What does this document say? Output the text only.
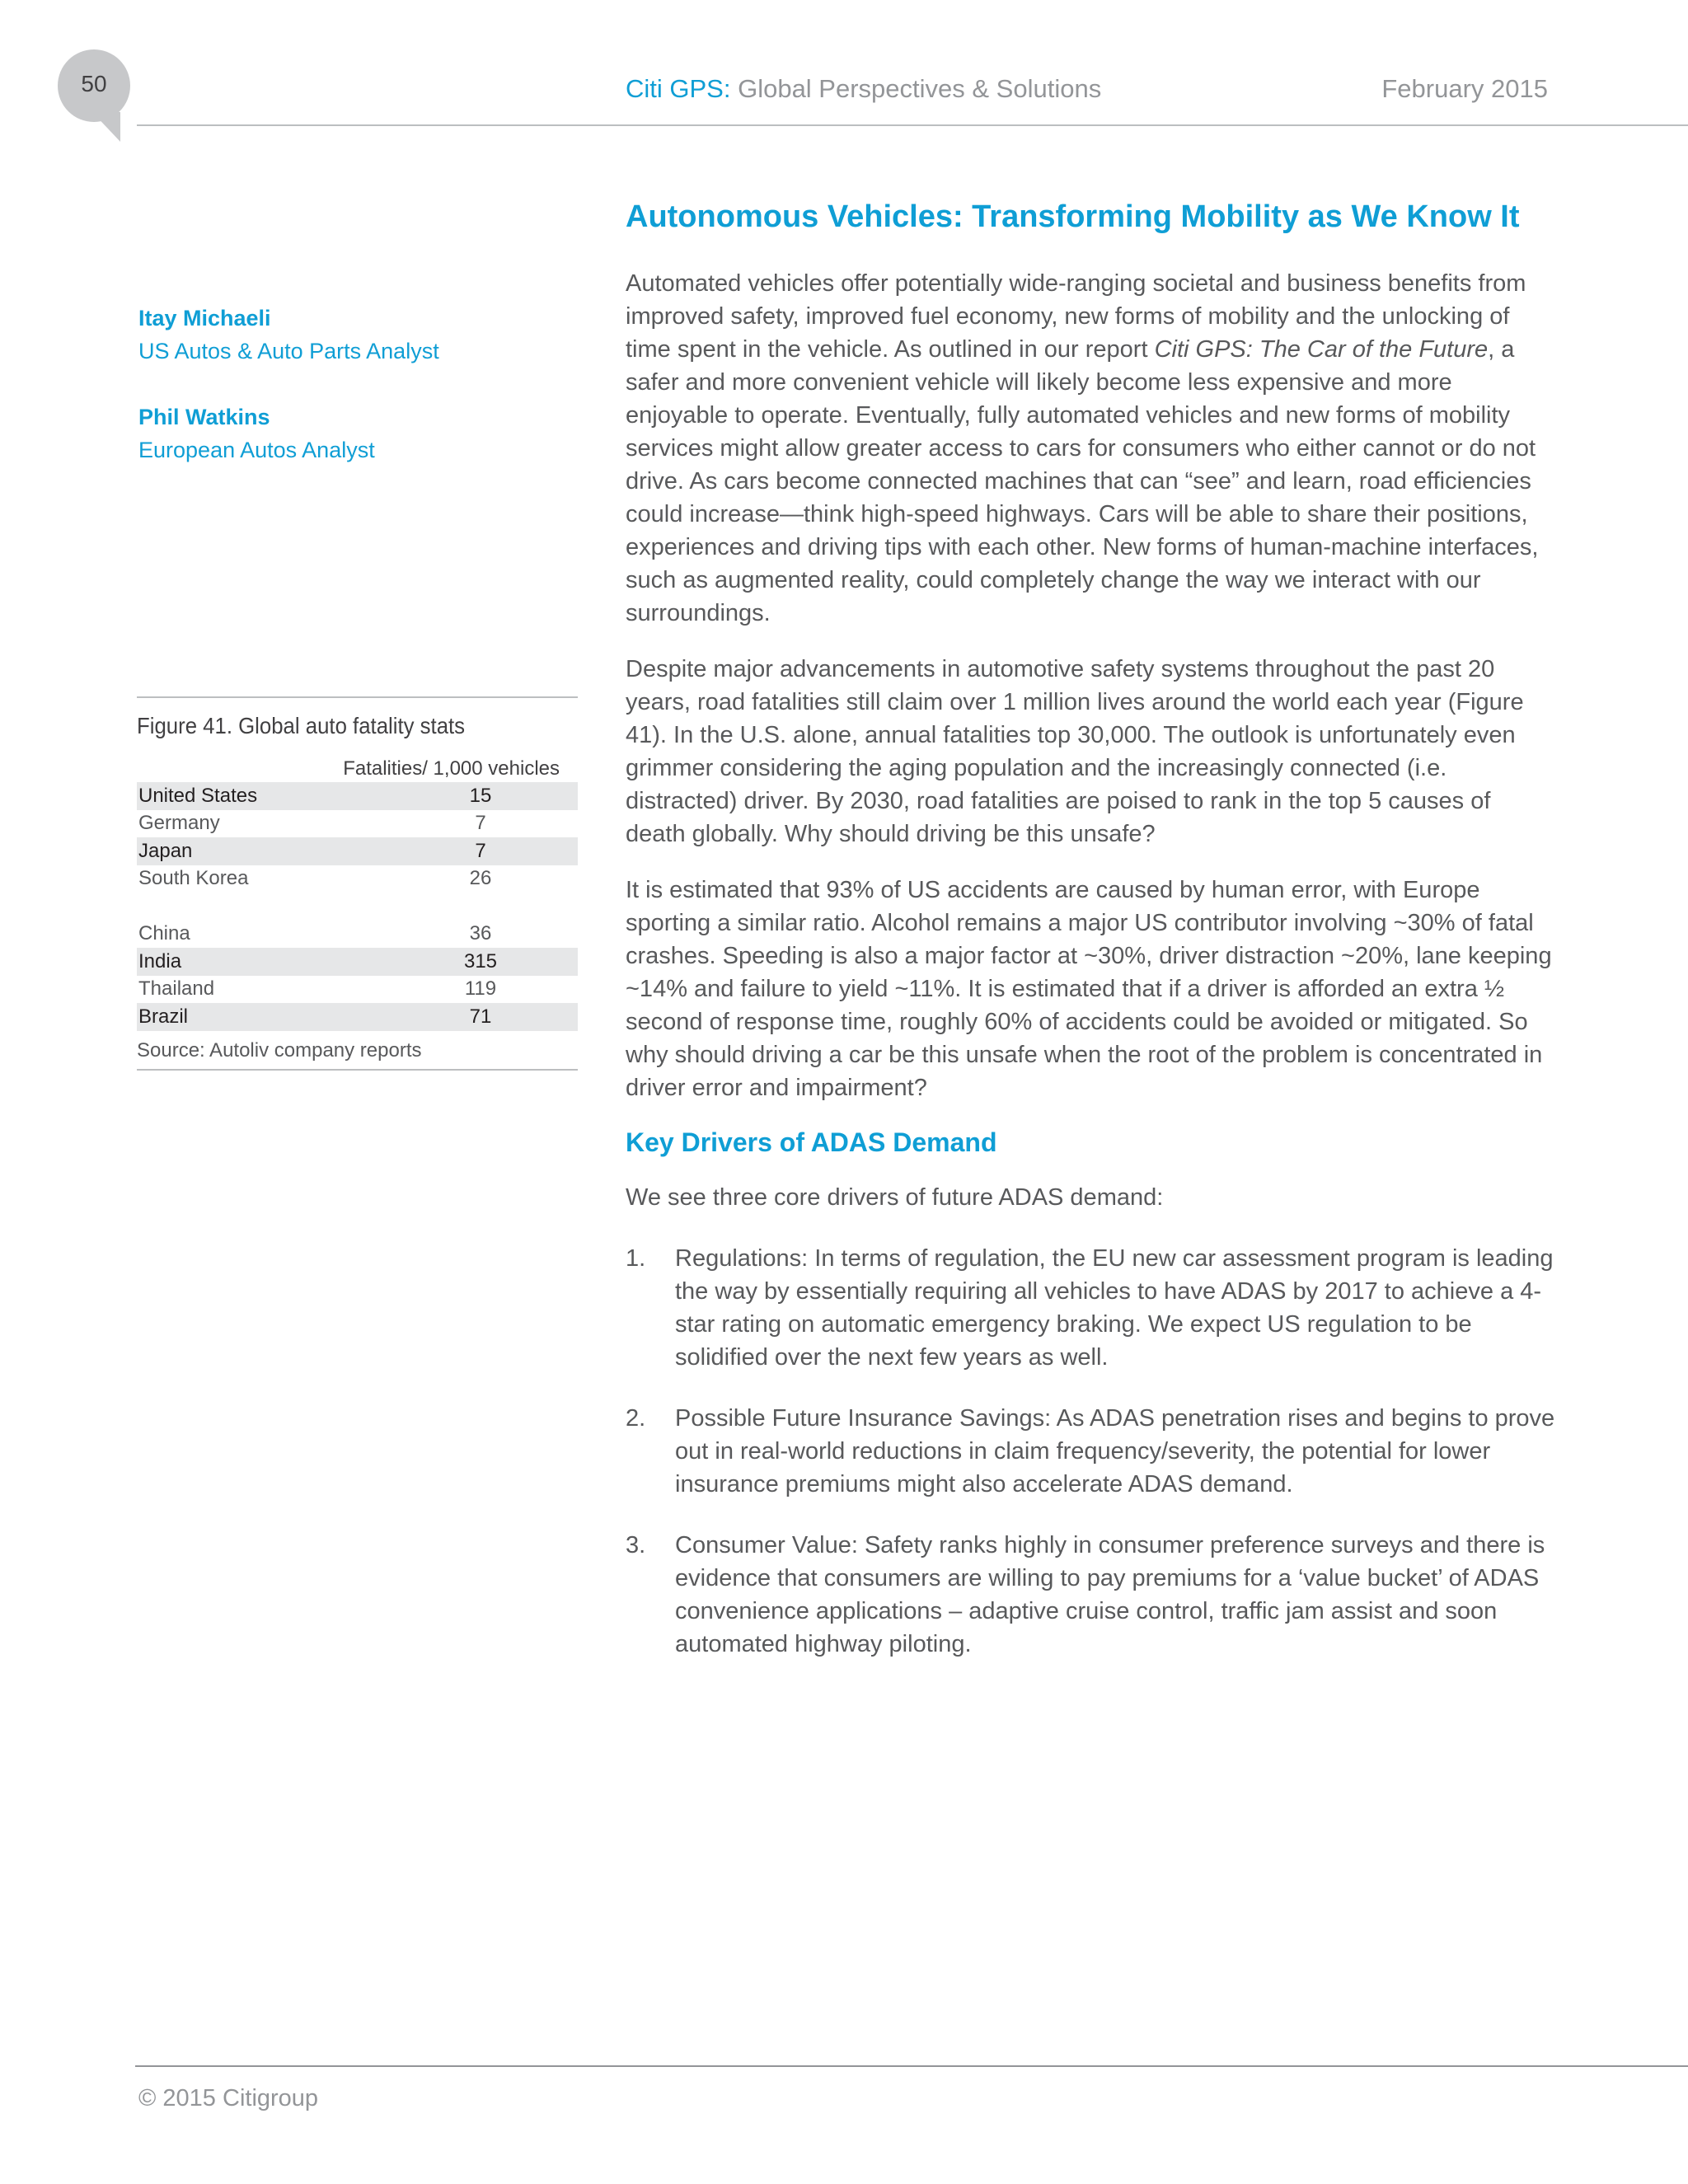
50	Citi GPS: Global Perspectives & Solutions	February 2015
Itay Michaeli
US Autos & Auto Parts Analyst
Phil Watkins
European Autos Analyst
Figure 41. Global auto fatality stats
Fatalities/ 1,000 vehicles
United States	15
Germany	7
Japan	7
South Korea	26
China	36
India	315
Thailand	119
Brazil	71
Source: Autoliv company reports
Autonomous Vehicles: Transforming Mobility as We Know It

Automated vehicles offer potentially wide-ranging societal and business benefits from improved safety, improved fuel economy, new forms of mobility and the unlocking of time spent in the vehicle. As outlined in our report Citi GPS: The Car of the Future, a safer and more convenient vehicle will likely become less expensive and more enjoyable to operate. Eventually, fully automated vehicles and new forms of mobility services might allow greater access to cars for consumers who either cannot or do not drive. As cars become connected machines that can “see” and learn, road efficiencies could increase—think high-speed highways. Cars will be able to share their positions, experiences and driving tips with each other. New forms of human-machine interfaces, such as augmented reality, could completely change the way we interact with our surroundings.

Despite major advancements in automotive safety systems throughout the past 20 years, road fatalities still claim over 1 million lives around the world each year (Figure 41). In the U.S. alone, annual fatalities top 30,000. The outlook is unfortunately even grimmer considering the aging population and the increasingly connected (i.e. distracted) driver. By 2030, road fatalities are poised to rank in the top 5 causes of death globally. Why should driving be this unsafe?

It is estimated that 93% of US accidents are caused by human error, with Europe sporting a similar ratio. Alcohol remains a major US contributor involving ~30% of fatal crashes. Speeding is also a major factor at ~30%, driver distraction ~20%, lane keeping ~14% and failure to yield ~11%. It is estimated that if a driver is afforded an extra ½ second of response time, roughly 60% of accidents could be avoided or mitigated. So why should driving a car be this unsafe when the root of the problem is concentrated in driver error and impairment?

Key Drivers of ADAS Demand

We see three core drivers of future ADAS demand:

1.	Regulations: In terms of regulation, the EU new car assessment program is leading the way by essentially requiring all vehicles to have ADAS by 2017 to achieve a 4-star rating on automatic emergency braking. We expect US regulation to be solidified over the next few years as well.
2.	Possible Future Insurance Savings: As ADAS penetration rises and begins to prove out in real-world reductions in claim frequency/severity, the potential for lower insurance premiums might also accelerate ADAS demand.
3.	Consumer Value: Safety ranks highly in consumer preference surveys and there is evidence that consumers are willing to pay premiums for a ‘value bucket’ of ADAS convenience applications – adaptive cruise control, traffic jam assist and soon automated highway piloting.
© 2015 Citigroup
